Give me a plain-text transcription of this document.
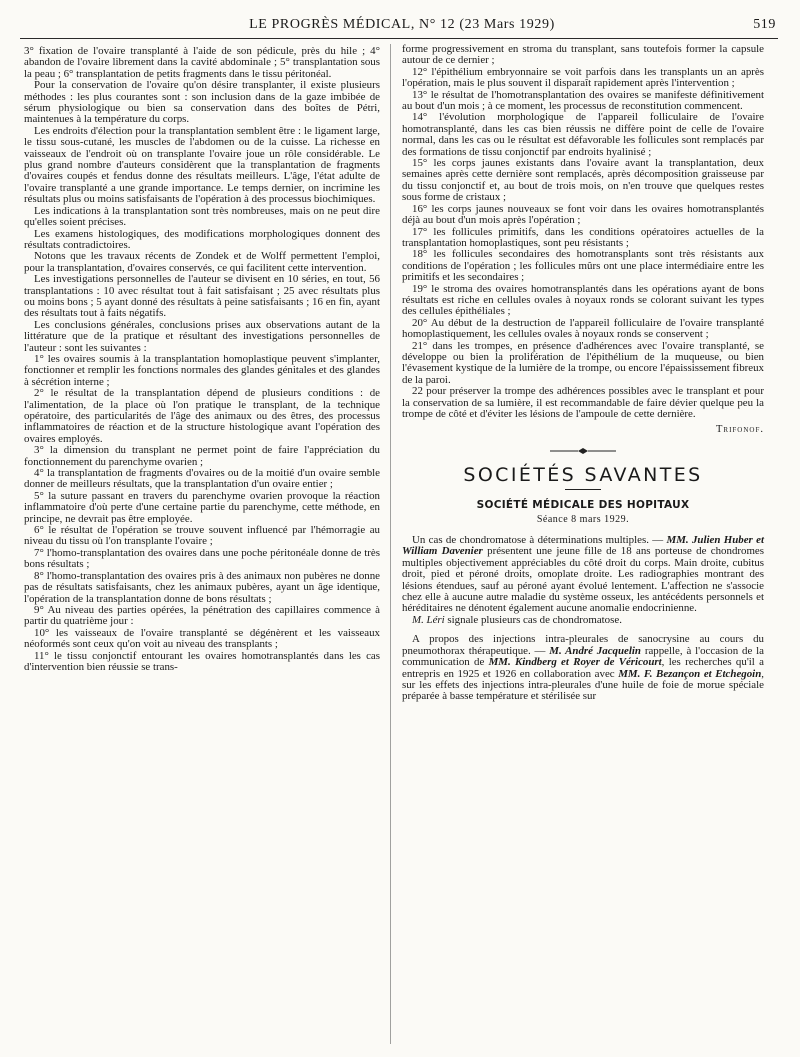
LE PROGRÈS MÉDICAL, N° 12 (23 Mars 1929)	519

3° fixation de l'ovaire transplanté à l'aide de son pédicule, près du hile ; 4° abandon de l'ovaire librement dans la cavité abdominale ; 5° transplantation sous la peau ; 6° transplantation de petits fragments dans le tissu péritonéal.

Pour la conservation de l'ovaire qu'on désire transplanter, il existe plusieurs méthodes : les plus courantes sont : son inclusion dans de la gaze imbibée de sérum physiologique ou bien sa conservation dans des boîtes de Pétri, maintenues à la température du corps.

Les endroits d'élection pour la transplantation semblent être : le ligament large, le tissu sous-cutané, les muscles de l'abdomen ou de la cuisse. La richesse en vaisseaux de l'endroit où on transplante l'ovaire joue un rôle considérable. Le plus grand nombre d'auteurs considèrent que la transplantation de fragments d'ovaires coupés et fendus donne des résultats meilleurs. L'âge, l'état adulte de l'ovaire transplanté a une grande importance. Le temps dernier, on incrimine les résultats plus ou moins satisfaisants de l'opération à des processus biochimiques.

Les indications à la transplantation sont très nombreuses, mais on ne peut dire qu'elles soient précises.

Les examens histologiques, des modifications morphologiques donnent des résultats contradictoires.

Notons que les travaux récents de Zondek et de Wolff permettent l'emploi, pour la transplantation, d'ovaires conservés, ce qui facilitent cette intervention.

Les investigations personnelles de l'auteur se divisent en 10 séries, en tout, 56 transplantations : 10 avec résultat tout à fait satisfaisant ; 25 avec résultats plus ou moins bons ; 5 ayant donné des résultats à peine satisfaisants ; 16 en fin, ayant des résultats tout à faits négatifs.

Les conclusions générales, conclusions prises aux observations autant de la littérature que de la pratique et résultant des investigations personnelles de l'auteur : sont les suivantes :

1° les ovaires soumis à la transplantation homoplastique peuvent s'implanter, fonctionner et remplir les fonctions normales des glandes génitales et des glandes à sécrétion interne ;

2° le résultat de la transplantation dépend de plusieurs conditions : de l'alimentation, de la place où l'on pratique le transplant, de la technique opératoire, des particularités de l'âge des animaux ou des êtres, des processus inflammatoires de réaction et de la structure histologique avant l'opération des ovaires employés.

3° la dimension du transplant ne permet point de faire l'appréciation du fonctionnement du parenchyme ovarien ;

4° la transplantation de fragments d'ovaires ou de la moitié d'un ovaire semble donner de meilleurs résultats, que la transplantation d'un ovaire entier ;

5° la suture passant en travers du parenchyme ovarien provoque la réaction inflammatoire d'où perte d'une certaine partie du parenchyme, cette méthode, en principe, ne devrait pas être employée.

6° le résultat de l'opération se trouve souvent influencé par l'hémorragie au niveau du tissu où l'on transplante l'ovaire ;

7° l'homo-transplantation des ovaires dans une poche péritonéale donne de très bons résultats ;

8° l'homo-transplantation des ovaires pris à des animaux non pubères ne donne pas de résultats satisfaisants, chez les animaux pubères, ayant un âge identique, l'opération de la transplantation donne de bons résultats ;

9° Au niveau des parties opérées, la pénétration des capillaires commence à partir du quatrième jour :

10° les vaisseaux de l'ovaire transplanté se dégénèrent et les vaisseaux néoformés sont ceux qu'on voit au niveau des transplants ;

11° le tissu conjonctif entourant les ovaires homotransplantés dans les cas d'intervention bien réussie se trans-

forme progressivement en stroma du transplant, sans toutefois former la capsule autour de ce dernier ;

12° l'épithélium embryonnaire se voit parfois dans les transplants un an après l'opération, mais le plus souvent il disparaît rapidement après l'intervention ;

13° le résultat de l'homotransplantation des ovaires se manifeste définitivement au bout d'un mois ; à ce moment, les processus de reconstitution commencent.

14° l'évolution morphologique de l'appareil folliculaire de l'ovaire homotransplanté, dans les cas bien réussis ne diffère point de celle de l'ovaire normal, dans les cas ou le résultat est défavorable les follicules sont remplacés par des formations de tissu conjonctif par endroits hyalinisé ;

15° les corps jaunes existants dans l'ovaire avant la transplantation, deux semaines après cette dernière sont remplacés, après décomposition graisseuse par du tissu conjonctif et, au bout de trois mois, on n'en trouve que quelques restes sous forme de cristaux ;

16° les corps jaunes nouveaux se font voir dans les ovaires homotransplantés déjà au bout d'un mois après l'opération ;

17° les follicules primitifs, dans les conditions opératoires actuelles de la transplantation homoplastiques, sont peu résistants ;

18° les follicules secondaires des homotransplants sont très résistants aux conditions de l'opération ; les follicules mûrs ont une place intermédiaire entre les primitifs et les secondaires ;

19° le stroma des ovaires homotransplantés dans les opérations ayant de bons résultats est riche en cellules ovales à noyaux ronds se colorant suivant les types des cellules épithéliales ;

20° Au début de la destruction de l'appareil folliculaire de l'ovaire transplanté homoplastiquement, les cellules ovales à noyaux ronds se conservent ;

21° dans les trompes, en présence d'adhérences avec l'ovaire transplanté, se développe ou bien la prolifération de l'épithélium de la muqueuse, ou bien l'évasement kystique de la lumière de la trompe, ou encore l'épaississement fibreux de la paroi.

22 pour préserver la trompe des adhérences possibles avec le transplant et pour la conservation de sa lumière, il est recommandable de faire dévier quelque peu la trompe de côté et d'éviter les lésions de l'ampoule de cette dernière.

Trifonof.
SOCIÉTÉS SAVANTES
SOCIÉTÉ MÉDICALE DES HOPITAUX
Séance 8 mars 1929.

Un cas de chondromatose à déterminations multiples. — MM. Julien Huber et William Davenier présentent une jeune fille de 18 ans porteuse de chondromes multiples objectivement appréciables du côté droit du corps. Main droite, cubitus droit, pied et péroné droits, omoplate droite. Les radiographies montrant des lésions étendues, sauf au péroné ayant évolué lentement. L'affection ne s'associe chez elle à aucune autre maladie du système osseux, les antécédents personnels et héréditaires ne dénotent également aucune anomalie endocrinienne.

M. Léri signale plusieurs cas de chondromatose.

A propos des injections intra-pleurales de sanocrysine au cours du pneumothorax thérapeutique. — M. André Jacquelin rappelle, à l'occasion de la communication de MM. Kindberg et Royer de Véricourt, les recherches qu'il a entrepris en 1925 et 1926 en collaboration avec MM. F. Bezançon et Etchegoin, sur les effets des injections intra-pleurales d'une huile de foie de morue spéciale préparée à basse température et stérilisée sur
